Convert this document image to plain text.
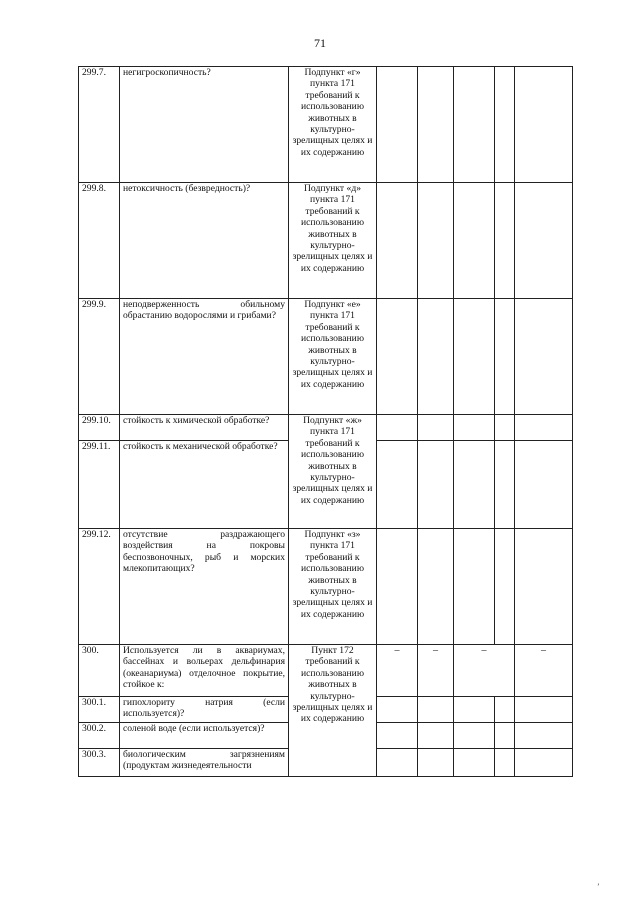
71
299.7.	негигроскопичность?	Подпункт «г» пункта 171 требований к использованию животных в культурно-зрелищных целях и их содержанию					
299.8.	нетоксичность (безвредность)?	Подпункт «д» пункта 171 требований к использованию животных в культурно-зрелищных целях и их содержанию					
299.9.	неподверженность обильному обрастанию водорослями и грибами?	Подпункт «е» пункта 171 требований к использованию животных в культурно-зрелищных целях и их содержанию					
299.10.	стойкость к химической обработке?	Подпункт «ж» пункта 171 требований к использованию животных в культурно-зрелищных целях и их содержанию					
299.11.	стойкость к механической обработке?						
299.12.	отсутствие раздражающего воздействия на покровы беспозвоночных, рыб и морских млекопитающих?	Подпункт «з» пункта 171 требований к использованию животных в культурно-зрелищных целях и их содержанию					
300.	Используется ли в аквариумах, бассейнах и вольерах дельфинария (океанариума) отделочное покрытие, стойкое к:	Пункт 172 требований к использованию животных в культурно-зрелищных целях и их содержанию	–	–	–		–
300.1.	гипохлориту натрия (если используется)?						
300.2.	соленой воде (если используется)?						
300.3.	биологическим загрязнениям (продуктам жизнедеятельности						
’
